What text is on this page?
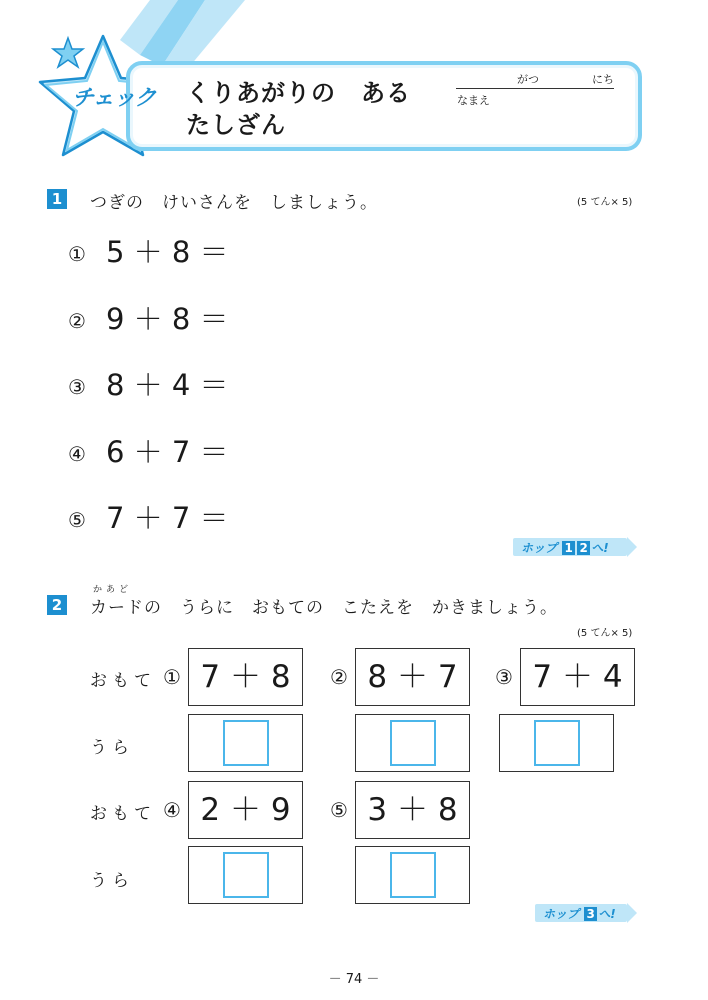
チェック くりあがりの　ある
たしざん
がつ	にち
なまえ
1 つぎの　けいさんを　しましょう。	(5 てん× 5)
① 5 ＋ 8 ＝
② 9 ＋ 8 ＝
③ 8 ＋ 4 ＝
④ 6 ＋ 7 ＝
⑤ 7 ＋ 7 ＝
ホップ 1 2 へ!
2
かあど
カードの　うらに　おもての　こたえを　かきましょう。
(5 てん× 5)
おもて ① 7 ＋ 8	② 8 ＋ 7	③ 7 ＋ 4
うら
おもて ④ 2 ＋ 9	⑤ 3 ＋ 8
うら
ホップ 3 へ!
－ 74 －
